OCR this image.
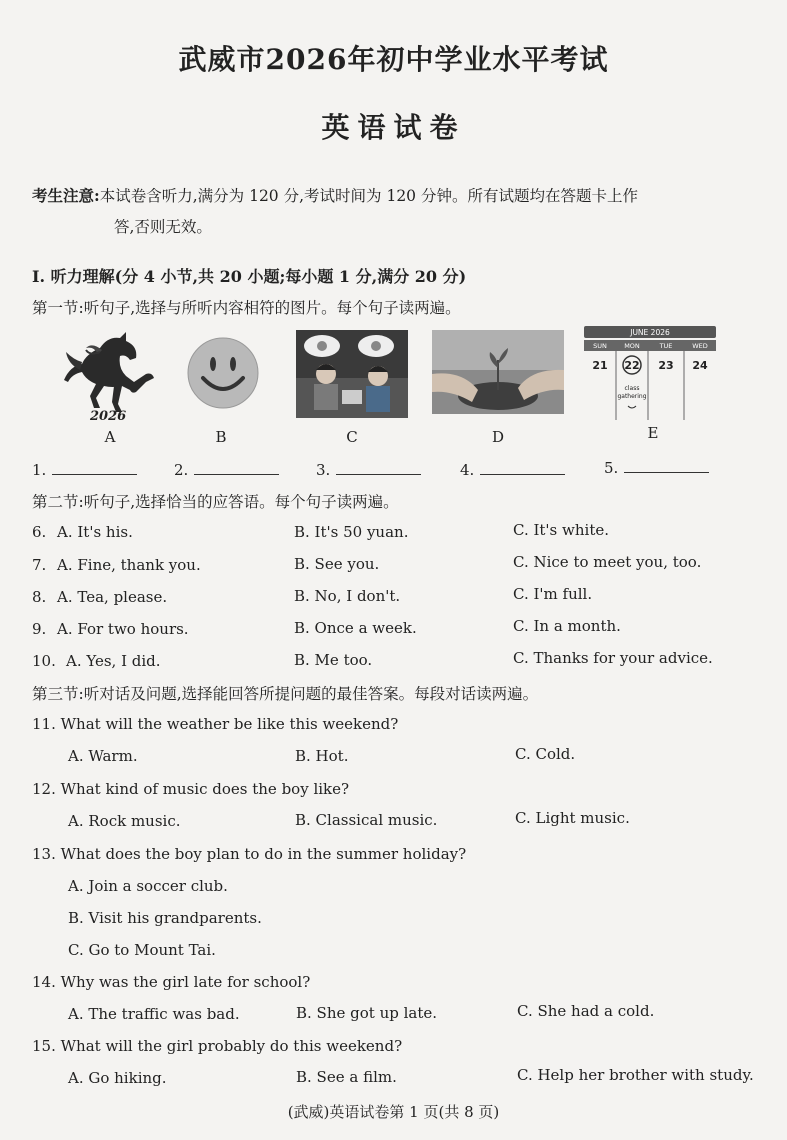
武威市2026年初中学业水平考试
英语试卷
考生注意:本试卷含听力,满分为 120 分,考试时间为 120 分钟。所有试题均在答题卡上作
答,否则无效。
Ⅰ. 听力理解(分 4 小节,共 20 小题;每小题 1 分,满分 20 分)
第一节:听句子,选择与所听内容相符的图片。每个句子读两遍。
2026
A	B	C	D
JUNE 2026
SUN	MON	TUE	WED
21 22 23 24
class
gathering
E
1.	2.	3.	4.	5.
第二节:听句子,选择恰当的应答语。每个句子读两遍。
6. A. It's his.	B. It's 50 yuan.	C. It's white.
7. A. Fine, thank you.	B. See you.	C. Nice to meet you, too.
8. A. Tea, please.	B. No, I don't.	C. I'm full.
9. A. For two hours.	B. Once a week.	C. In a month.
10. A. Yes, I did.	B. Me too.	C. Thanks for your advice.
第三节:听对话及问题,选择能回答所提问题的最佳答案。每段对话读两遍。
11. What will the weather be like this weekend?
A. Warm.	B. Hot.	C. Cold.
12. What kind of music does the boy like?
A. Rock music.	B. Classical music.	C. Light music.
13. What does the boy plan to do in the summer holiday?
A. Join a soccer club.
B. Visit his grandparents.
C. Go to Mount Tai.
14. Why was the girl late for school?
A. The traffic was bad.	B. She got up late.	C. She had a cold.
15. What will the girl probably do this weekend?
A. Go hiking.	B. See a film.	C. Help her brother with study.
(武威)英语试卷第 1 页(共 8 页)
